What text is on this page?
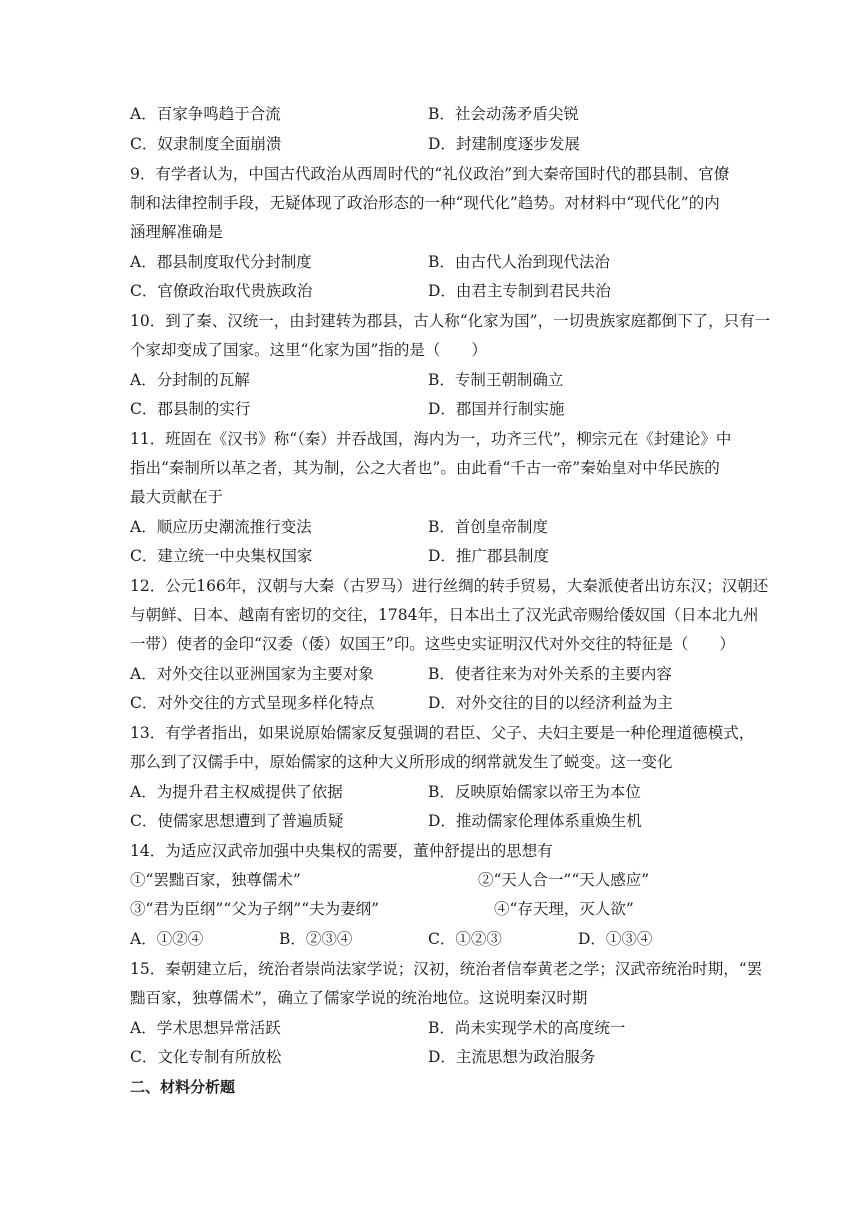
A．百家争鸣趋于合流	B．社会动荡矛盾尖锐
C．奴隶制度全面崩溃	D．封建制度逐步发展
9．有学者认为，中国古代政治从西周时代的“礼仪政治”到大秦帝国时代的郡县制、官僚
制和法律控制手段，无疑体现了政治形态的一种“现代化”趋势。对材料中“现代化”的内
涵理解准确是
A．郡县制度取代分封制度	B．由古代人治到现代法治
C．官僚政治取代贵族政治	D．由君主专制到君民共治
10．到了秦、汉统一，由封建转为郡县，古人称“化家为国”，一切贵族家庭都倒下了，只有一
个家却变成了国家。这里“化家为国”指的是（　　）
A．分封制的瓦解	B．专制王朝制确立
C．郡县制的实行	D．郡国并行制实施
11．班固在《汉书》称“（秦）并吞战国，海内为一，功齐三代”，柳宗元在《封建论》中
指出“秦制所以革之者，其为制，公之大者也”。由此看“千古一帝”秦始皇对中华民族的
最大贡献在于
A．顺应历史潮流推行变法	B．首创皇帝制度
C．建立统一中央集权国家	D．推广郡县制度
12．公元166年，汉朝与大秦（古罗马）进行丝绸的转手贸易，大秦派使者出访东汉；汉朝还
与朝鲜、日本、越南有密切的交往，1784年，日本出土了汉光武帝赐给倭奴国（日本北九州
一带）使者的金印“汉委（倭）奴国王”印。这些史实证明汉代对外交往的特征是（　　）
A．对外交往以亚洲国家为主要对象	B．使者往来为对外关系的主要内容
C．对外交往的方式呈现多样化特点	D．对外交往的目的以经济利益为主
13．有学者指出，如果说原始儒家反复强调的君臣、父子、夫妇主要是一种伦理道德模式，
那么到了汉儒手中，原始儒家的这种大义所形成的纲常就发生了蜕变。这一变化
A．为提升君主权威提供了依据	B．反映原始儒家以帝王为本位
C．使儒家思想遭到了普遍质疑	D．推动儒家伦理体系重焕生机
14．为适应汉武帝加强中央集权的需要，董仲舒提出的思想有
①“罢黜百家，独尊儒术”	②“天人合一”“天人感应”
③“君为臣纲”“父为子纲”“夫为妻纲”	④“存天理，灭人欲”
A．①②④	B．②③④	C．①②③	D．①③④
15．秦朝建立后，统治者崇尚法家学说；汉初，统治者信奉黄老之学；汉武帝统治时期，“罢
黜百家，独尊儒术”，确立了儒家学说的统治地位。这说明秦汉时期
A．学术思想异常活跃	B．尚未实现学术的高度统一
C．文化专制有所放松	D．主流思想为政治服务
二、材料分析题
